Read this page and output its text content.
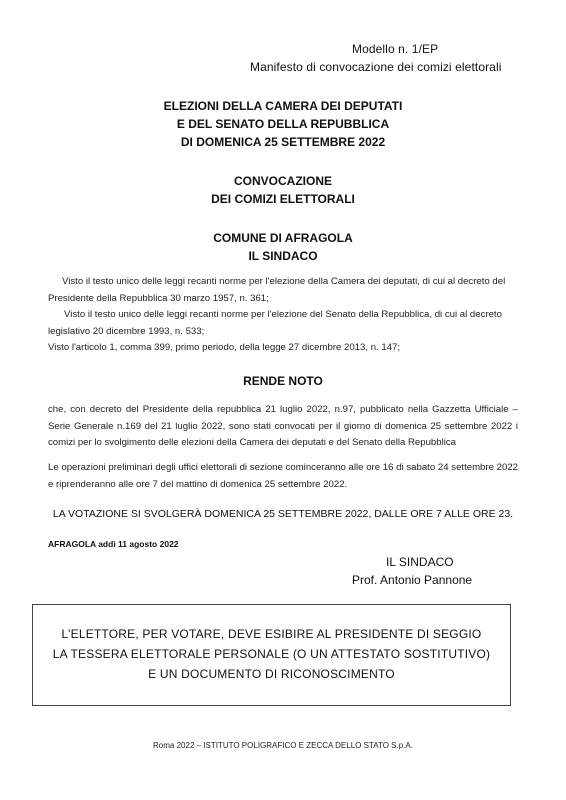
Modello n. 1/EP
Manifesto di convocazione dei comizi elettorali
ELEZIONI DELLA CAMERA DEI DEPUTATI
E DEL SENATO DELLA REPUBBLICA
DI DOMENICA 25 SETTEMBRE 2022
CONVOCAZIONE
DEI COMIZI ELETTORALI
COMUNE DI AFRAGOLA
IL SINDACO
Visto il testo unico delle leggi recanti norme per l'elezione della Camera dei deputati, di cui al decreto del
Presidente della Repubblica 30 marzo 1957, n. 361;
Visto il testo unico delle leggi recanti norme per l'elezione del Senato della Repubblica, di cui al decreto
legislativo 20 dicembre 1993, n. 533;
Visto l'articolo 1, comma 399, primo periodo, della legge 27 dicembre 2013, n. 147;
RENDE NOTO
che, con decreto del Presidente della repubblica 21 luglio 2022, n.97, pubblicato nella Gazzetta Ufficiale – Serie Generale n.169 del 21 luglio 2022, sono stati convocati per il giorno di domenica 25 settembre 2022 i comizi per lo svolgimento delle elezioni della Camera dei deputati e del Senato della Repubblica
Le operazioni preliminari degli uffici elettorali di sezione cominceranno alle ore 16 di sabato 24 settembre 2022 e riprenderanno alle ore 7 del mattino di domenica 25 settembre 2022.
LA VOTAZIONE SI SVOLGERÀ DOMENICA 25 SETTEMBRE 2022, DALLE ORE 7 ALLE ORE 23.
AFRAGOLA addì 11 agosto 2022
IL SINDACO
Prof. Antonio Pannone
L’ELETTORE, PER VOTARE, DEVE ESIBIRE AL PRESIDENTE DI SEGGIO
LA TESSERA ELETTORALE PERSONALE (O UN ATTESTATO SOSTITUTIVO)
E UN DOCUMENTO DI RICONOSCIMENTO
Roma 2022 – ISTITUTO POLIGRAFICO E ZECCA DELLO STATO S.p.A.
